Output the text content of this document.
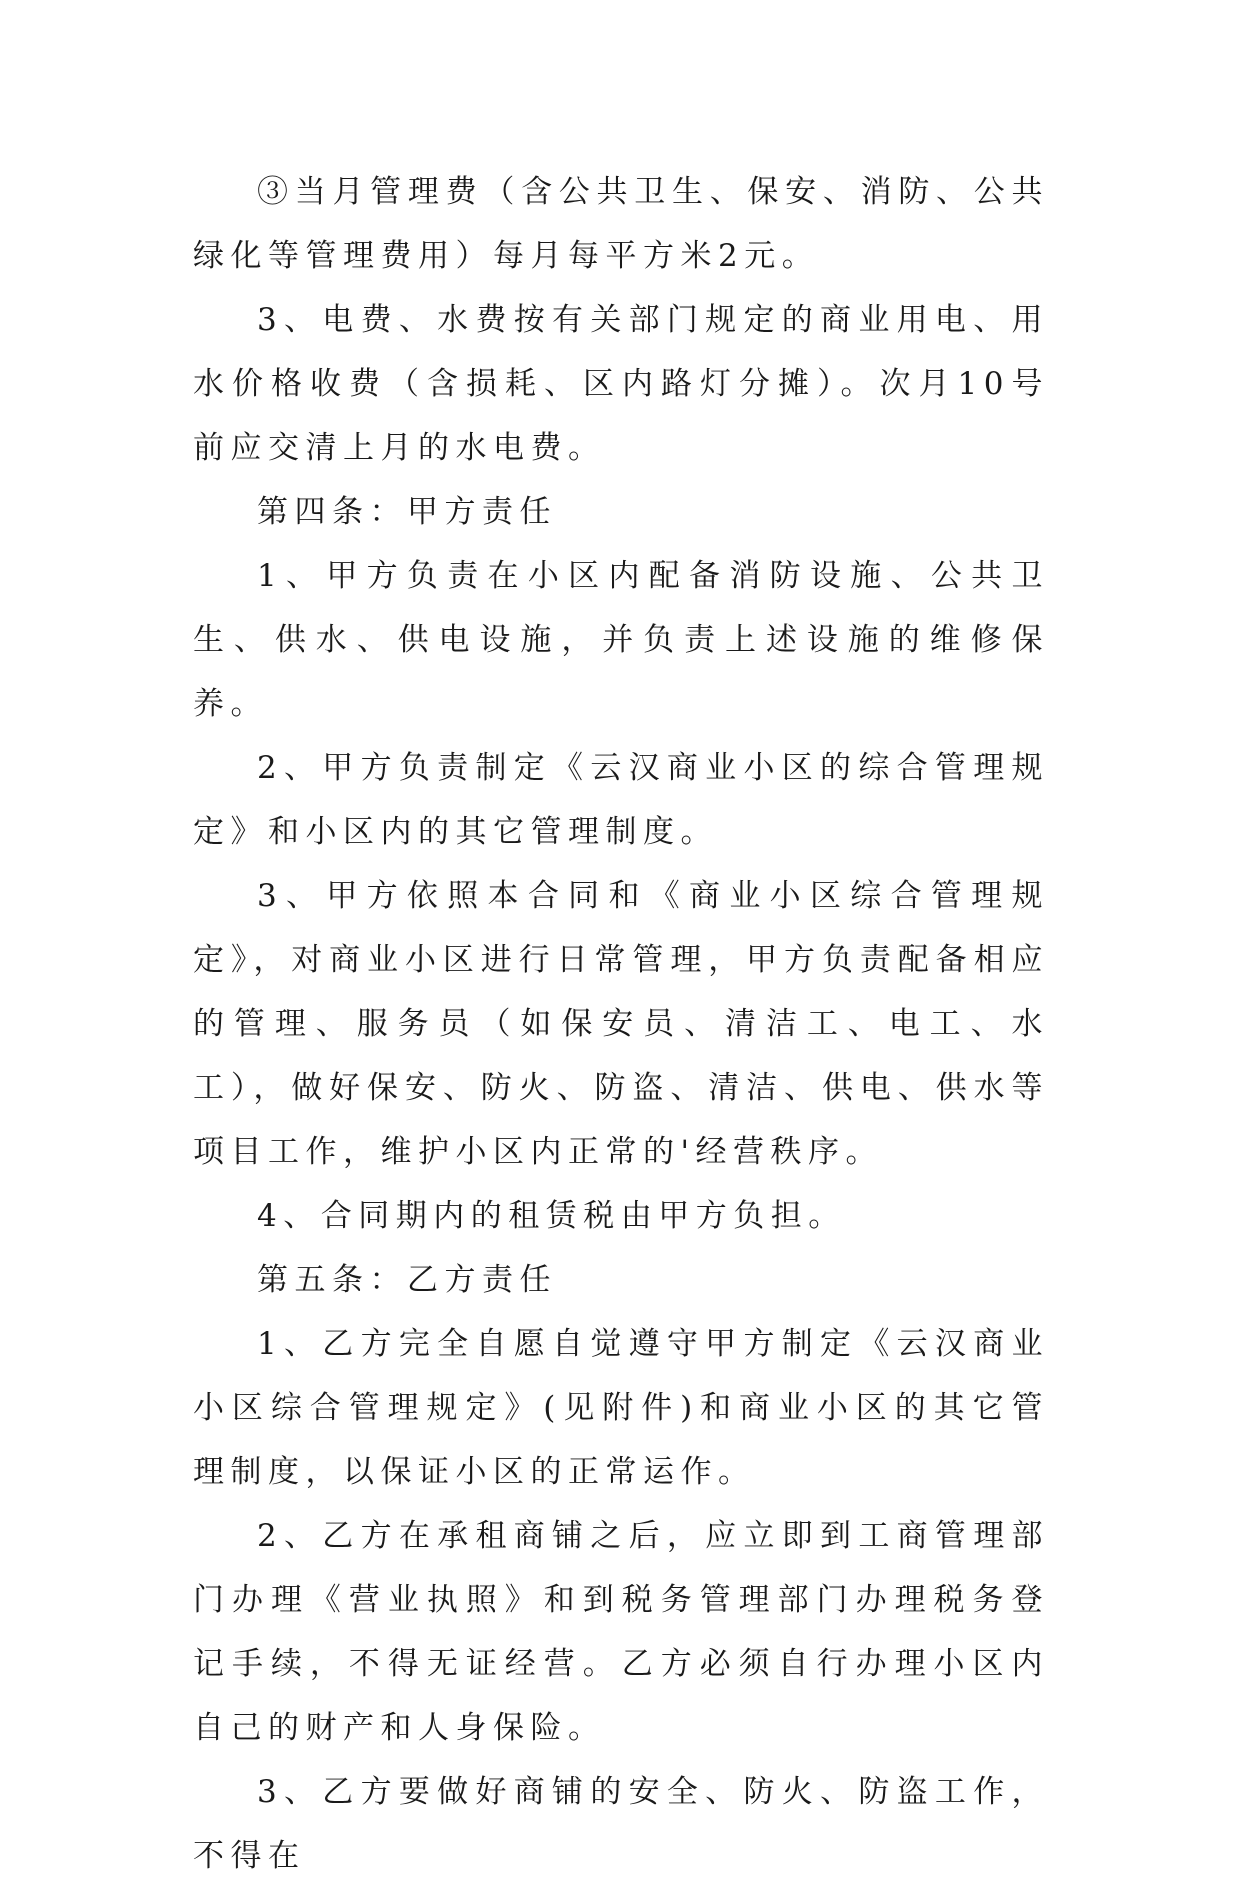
③当月管理费（含公共卫生、保安、消防、公共绿化等管理费用）每月每平方米2元。

3、电费、水费按有关部门规定的商业用电、用水价格收费（含损耗、区内路灯分摊）。次月10号前应交清上月的水电费。

第四条：甲方责任

1、甲方负责在小区内配备消防设施、公共卫生、供水、供电设施，并负责上述设施的维修保养。

2、甲方负责制定《云汉商业小区的综合管理规定》和小区内的其它管理制度。

3、甲方依照本合同和《商业小区综合管理规定》，对商业小区进行日常管理，甲方负责配备相应的管理、服务员（如保安员、清洁工、电工、水工），做好保安、防火、防盗、清洁、供电、供水等项目工作，维护小区内正常的'经营秩序。

4、合同期内的租赁税由甲方负担。

第五条：乙方责任

1、乙方完全自愿自觉遵守甲方制定《云汉商业小区综合管理规定》(见附件)和商业小区的其它管理制度，以保证小区的正常运作。

2、乙方在承租商铺之后，应立即到工商管理部门办理《营业执照》和到税务管理部门办理税务登记手续，不得无证经营。乙方必须自行办理小区内自己的财产和人身保险。

3、乙方要做好商铺的安全、防火、防盗工作，不得在
